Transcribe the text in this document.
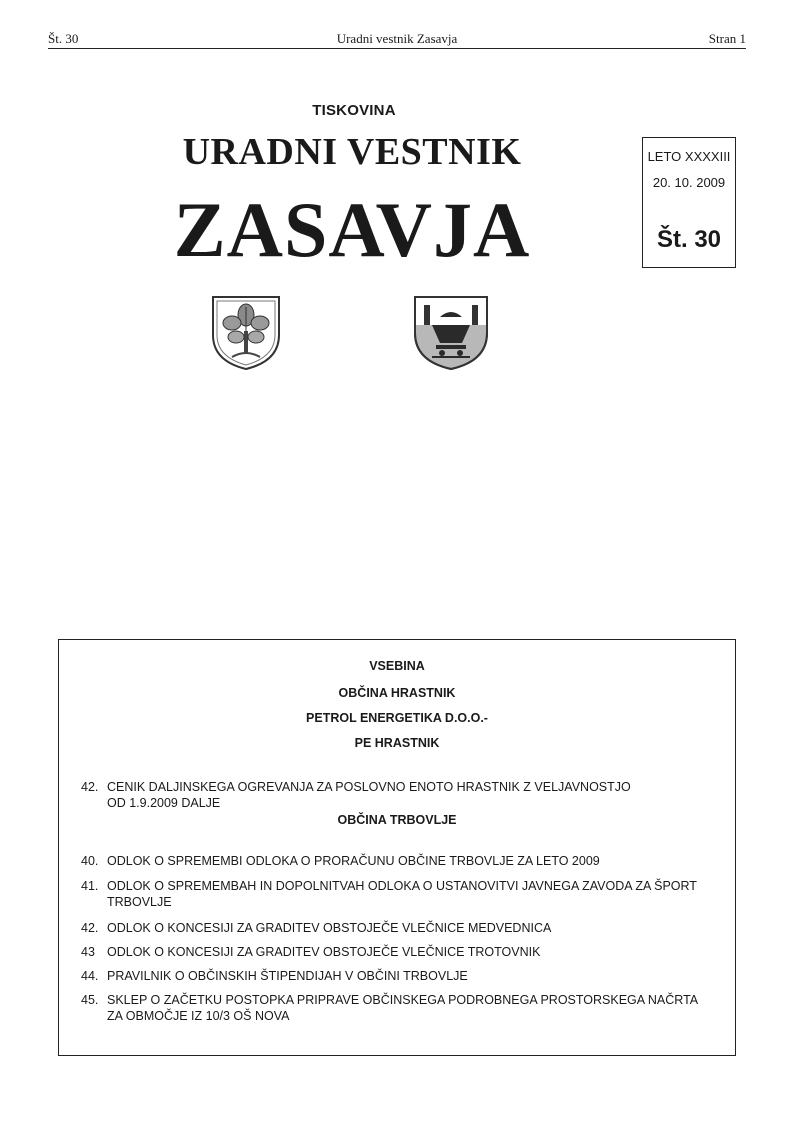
Št. 30	Uradni vestnik Zasavja	Stran 1
TISKOVINA
URADNI VESTNIK
ZASAVJA
LETO XXXXIII
20. 10. 2009
Št. 30
VSEBINA
OBČINA HRASTNIK
PETROL ENERGETIKA D.O.O.-
PE HRASTNIK
42. CENIK DALJINSKEGA OGREVANJA ZA POSLOVNO ENOTO HRASTNIK Z VELJAVNOSTJO OD 1.9.2009 DALJE
OBČINA TRBOVLJE
40. ODLOK O SPREMEMBI ODLOKA O PRORAČUNU OBČINE TRBOVLJE ZA LETO 2009
41. ODLOK O SPREMEMBAH IN DOPOLNITVAH ODLOKA O USTANOVITVI JAVNEGA ZAVODA ZA ŠPORT TRBOVLJE
42. ODLOK O KONCESIJI ZA GRADITEV OBSTOJEČE VLEČNICE MEDVEDNICA
43 ODLOK O KONCESIJI ZA GRADITEV OBSTOJEČE VLEČNICE TROTOVNIK
44. PRAVILNIK O OBČINSKIH ŠTIPENDIJAH V OBČINI TRBOVLJE
45. SKLEP O ZAČETKU POSTOPKA PRIPRAVE OBČINSKEGA PODROBNEGA PROSTORSKEGA NAČRTA ZA OBMOČJE IZ 10/3 OŠ NOVA
